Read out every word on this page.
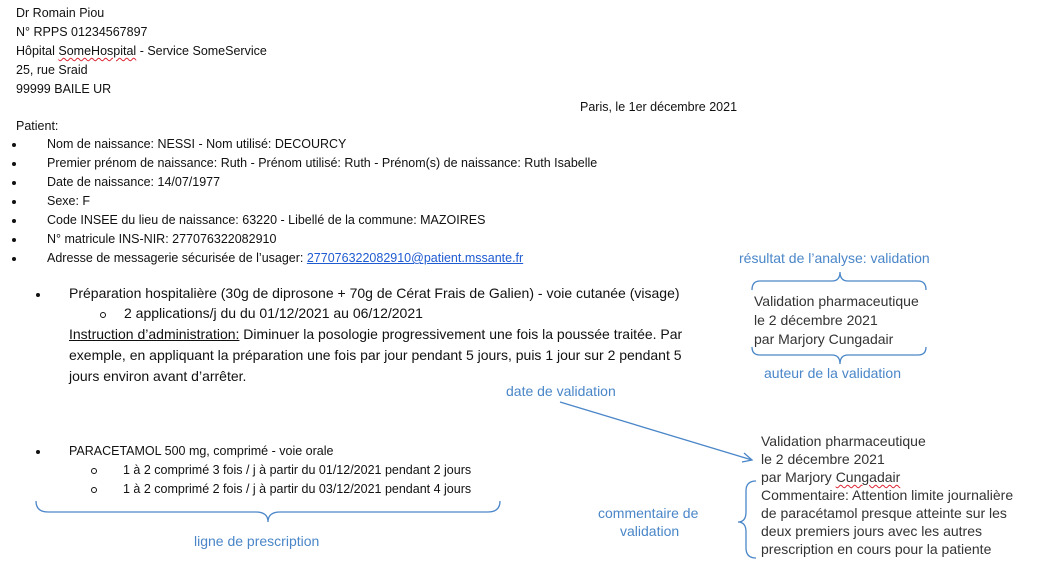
Dr Romain Piou
N° RPPS 01234567897
Hôpital SomeHospital - Service SomeService
25, rue Sraid
99999 BAILE UR
Paris, le 1er décembre 2021
Patient:
Nom de naissance: NESSI - Nom utilisé: DECOURCY
Premier prénom de naissance: Ruth - Prénom utilisé: Ruth - Prénom(s) de naissance: Ruth Isabelle
Date de naissance: 14/07/1977
Sexe: F
Code INSEE du lieu de naissance: 63220 - Libellé de la commune: MAZOIRES
N° matricule INS-NIR: 277076322082910
Adresse de messagerie sécurisée de l’usager: 277076322082910@patient.mssante.fr
Préparation hospitalière (30g de diprosone + 70g de Cérat Frais de Galien) - voie cutanée (visage)
2 applications/j du du 01/12/2021 au 06/12/2021
Instruction d’administration: Diminuer la posologie progressivement une fois la poussée traitée. Par
exemple, en appliquant la préparation une fois par jour pendant 5 jours, puis 1 jour sur 2 pendant 5
jours environ avant d’arrêter.
PARACETAMOL 500 mg, comprimé - voie orale
1 à 2 comprimé 3 fois / j à partir du 01/12/2021 pendant 2 jours
1 à 2 comprimé 2 fois / j à partir du 03/12/2021 pendant 4 jours
Validation pharmaceutique
le 2 décembre 2021
par Marjory Cungadair
Validation pharmaceutique
le 2 décembre 2021
par Marjory Cungadair
Commentaire: Attention limite journalière
de paracétamol presque atteinte sur les
deux premiers jours avec les autres
prescription en cours pour la patiente
résultat de l’analyse: validation
auteur de la validation
date de validation
commentaire de
validation
ligne de prescription
